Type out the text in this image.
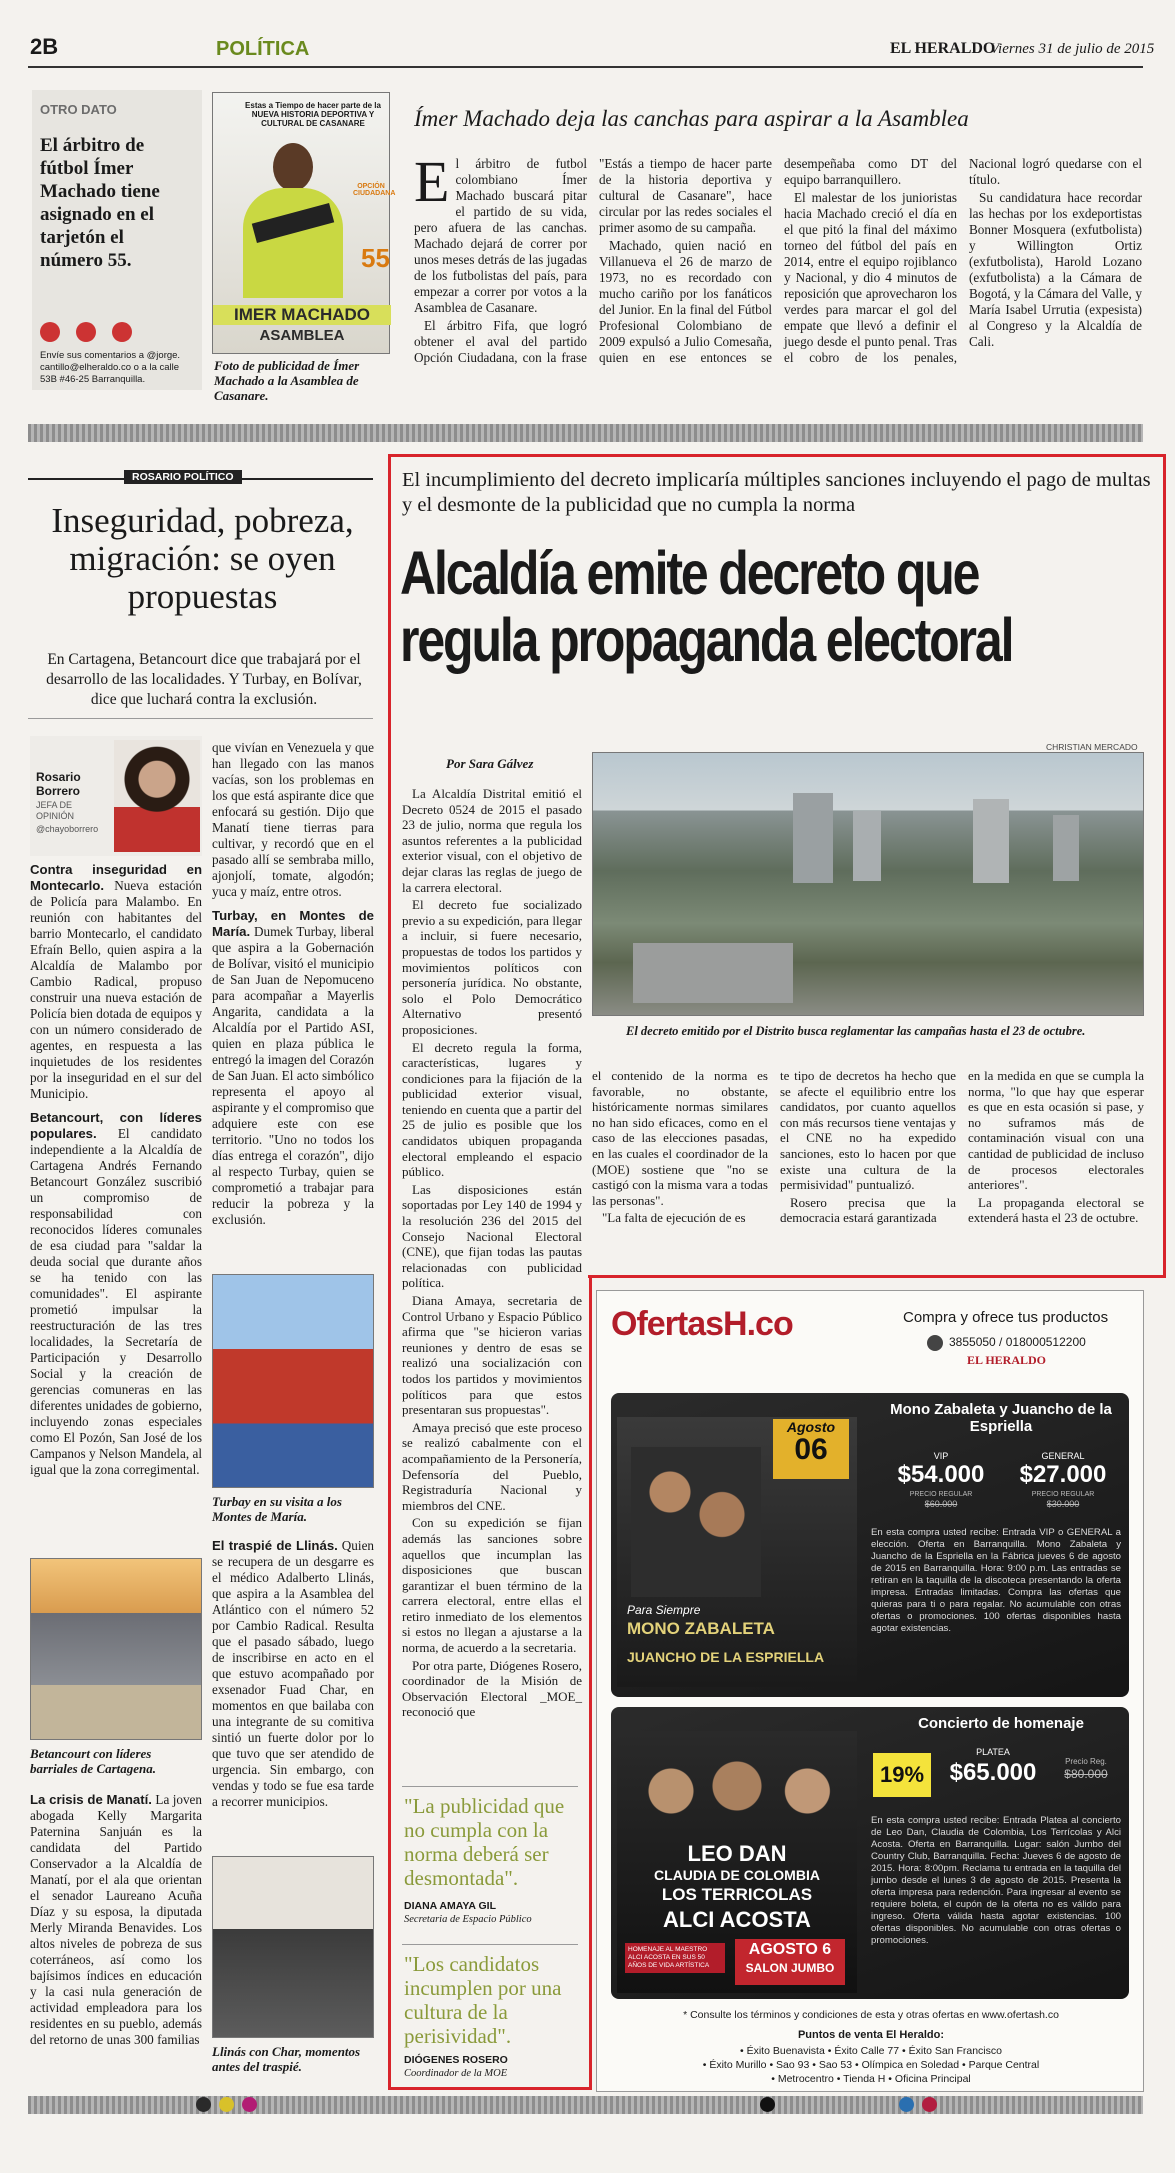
2B	POLÍTICA	EL HERALDO
Viernes 31 de julio de 2015
OTRO DATO
El árbitro de fútbol Ímer Machado tiene asignado en el tarjetón el número 55.

Envíe sus comentarios a @jorge. cantillo@elheraldo.co o a la calle 53B #46-25 Barranquilla.
Estas a Tiempo de hacer parte de la NUEVA HISTORIA DEPORTIVA Y CULTURAL DE CASANARE
OPCIÓN CIUDADANA
55
IMER MACHADO
ASAMBLEA
Foto de publicidad de Ímer Machado a la Asamblea de Casanare.
Ímer Machado deja las canchas para aspirar a la Asamblea

El árbitro de futbol colombiano Ímer Machado buscará pitar el partido de su vida, pero afuera de las canchas. Machado dejará de correr por unos meses detrás de las jugadas de los futbolistas del país, para empezar a correr por votos a la Asamblea de Casanare.

El árbitro Fifa, que logró obtener el aval del partido Opción Ciudadana, con la frase "Estás a tiempo de hacer parte de la historia deportiva y cultural de Casanare", hace circular por las redes sociales el primer asomo de su campaña.

Machado, quien nació en Villanueva el 26 de marzo de 1973, no es recordado con mucho cariño por los fanáticos del Junior. En la final del Fútbol Profesional Colombiano de 2009 expulsó a Julio Comesaña, quien en ese entonces se desempeñaba como DT del equipo barranquillero.

El malestar de los junioristas hacia Machado creció el día en el que pitó la final del máximo torneo del fútbol del país en 2014, entre el equipo rojiblanco y Nacional, y dio 4 minutos de reposición que aprovecharon los verdes para marcar el gol del empate que llevó a definir el juego desde el punto penal. Tras el cobro de los penales, Nacional logró quedarse con el título.

Su candidatura hace recordar las hechas por los exdeportistas Bonner Mosquera (exfutbolista) y Willington Ortiz (exfutbolista), Harold Lozano (exfutbolista) a la Cámara de Bogotá, y la Cámara del Valle, y María Isabel Urrutia (expesista) al Congreso y la Alcaldía de Cali.

ROSARIO POLÍTICO
Inseguridad, pobreza, migración: se oyen propuestas
En Cartagena, Betancourt dice que trabajará por el desarrollo de las localidades. Y Turbay, en Bolívar, dice que luchará contra la exclusión.
Rosario Borrero
JEFA DE OPINIÓN
@chayoborrero

Contra inseguridad en Montecarlo. Nueva estación de Policía para Malambo. En reunión con habitantes del barrio Montecarlo, el candidato Efraín Bello, quien aspira a la Alcaldía de Malambo por Cambio Radical, propuso construir una nueva estación de Policía bien dotada de equipos y con un número considerado de agentes, en respuesta a las inquietudes de los residentes por la inseguridad en el sur del Municipio.

Betancourt, con líderes populares. El candidato independiente a la Alcaldía de Cartagena Andrés Fernando Betancourt González suscribió un compromiso de responsabilidad con reconocidos líderes comunales de esa ciudad para "saldar la deuda social que durante años se ha tenido con las comunidades". El aspirante prometió impulsar la reestructuración de las tres localidades, la Secretaría de Participación y Desarrollo Social y la creación de gerencias comuneras en las diferentes unidades de gobierno, incluyendo zonas especiales como El Pozón, San José de los Campanos y Nelson Mandela, al igual que la zona corregimental.

Betancourt con líderes barriales de Cartagena.

La crisis de Manatí. La joven abogada Kelly Margarita Paternina Sanjuán es la candidata del Partido Conservador a la Alcaldía de Manatí, por el ala que orientan el senador Laureano Acuña Díaz y su esposa, la diputada Merly Miranda Benavides. Los altos niveles de pobreza de sus coterráneos, así como los bajísimos índices en educación y la casi nula generación de actividad empleadora para los residentes en su pueblo, además del retorno de unas 300 familias

que vivían en Venezuela y que han llegado con las manos vacías, son los problemas en los que está aspirante dice que enfocará su gestión. Dijo que Manatí tiene tierras para cultivar, y recordó que en el pasado allí se sembraba millo, ajonjolí, tomate, algodón; yuca y maíz, entre otros.

Turbay, en Montes de María. Dumek Turbay, liberal que aspira a la Gobernación de Bolívar, visitó el municipio de San Juan de Nepomuceno para acompañar a Mayerlis Angarita, candidata a la Alcaldía por el Partido ASI, quien en plaza pública le entregó la imagen del Corazón de San Juan. El acto simbólico representa el apoyo al aspirante y el compromiso que adquiere este con ese territorio. "Uno no todos los días entrega el corazón", dijo al respecto Turbay, quien se comprometió a trabajar para reducir la pobreza y la exclusión.

Turbay en su visita a los Montes de María.

El traspié de Llinás. Quien se recupera de un desgarre es el médico Adalberto Llinás, que aspira a la Asamblea del Atlántico con el número 52 por Cambio Radical. Resulta que el pasado sábado, luego de inscribirse en acto en el que estuvo acompañado por exsenador Fuad Char, en momentos en que bailaba con una integrante de su comitiva sintió un fuerte dolor por lo que tuvo que ser atendido de urgencia. Sin embargo, con vendas y todo se fue esa tarde a recorrer municipios.

Llinás con Char, momentos antes del traspié.
El incumplimiento del decreto implicaría múltiples sanciones incluyendo el pago de multas y el desmonte de la publicidad que no cumpla la norma
Alcaldía emite decreto que regula propaganda electoral
Por Sara Gálvez
CHRISTIAN MERCADO
El decreto emitido por el Distrito busca reglamentar las campañas hasta el 23 de octubre.

La Alcaldía Distrital emitió el Decreto 0524 de 2015 el pasado 23 de julio, norma que regula los asuntos referentes a la publicidad exterior visual, con el objetivo de dejar claras las reglas de juego de la carrera electoral.

El decreto fue socializado previo a su expedición, para llegar a incluir, si fuere necesario, propuestas de todos los partidos y movimientos políticos con personería jurídica. No obstante, solo el Polo Democrático Alternativo presentó proposiciones.

El decreto regula la forma, características, lugares y condiciones para la fijación de la publicidad exterior visual, teniendo en cuenta que a partir del 25 de julio es posible que los candidatos ubiquen propaganda electoral empleando el espacio público.

Las disposiciones están soportadas por Ley 140 de 1994 y la resolución 236 del 2015 del Consejo Nacional Electoral (CNE), que fijan todas las pautas relacionadas con publicidad política.

Diana Amaya, secretaria de Control Urbano y Espacio Público afirma que "se hicieron varias reuniones y dentro de esas se realizó una socialización con todos los partidos y movimientos políticos para que estos presentaran sus propuestas".

Amaya precisó que este proceso se realizó cabalmente con el acompañamiento de la Personería, Defensoría del Pueblo, Registraduría Nacional y miembros del CNE.

Con su expedición se fijan además las sanciones sobre aquellos que incumplan las disposiciones que buscan garantizar el buen término de la carrera electoral, entre ellas el retiro inmediato de los elementos si estos no llegan a ajustarse a la norma, de acuerdo a la secretaria.

Por otra parte, Diógenes Rosero, coordinador de la Misión de Observación Electoral _MOE_ reconoció que

"La publicidad que no cumpla con la norma deberá ser desmontada".
DIANA AMAYA GIL
Secretaria de Espacio Público
"Los candidatos incumplen por una cultura de la perisividad".
DIÓGENES ROSERO
Coordinador de la MOE

el contenido de la norma es favorable, no obstante, históricamente normas similares no han sido eficaces, como en el caso de las elecciones pasadas, en las cuales el coordinador de la (MOE) sostiene que "no se castigó con la misma vara a todas las personas".

"La falta de ejecución de es

te tipo de decretos ha hecho que se afecte el equilibrio entre los candidatos, por cuanto aquellos con más recursos tiene ventajas y el CNE no ha expedido sanciones, esto lo hacen por que existe una cultura de la permisividad" puntualizó.

Rosero precisa que la democracia estará garantizada

en la medida en que se cumpla la norma, "lo que hay que esperar es que en esta ocasión si pase, y no suframos más de contaminación visual con una cantidad de publicidad de incluso de procesos electorales anteriores".

La propaganda electoral se extenderá hasta el 23 de octubre.

OfertasH.co	Compra y ofrece tus productos
3855050 / 018000512200
EL HERALDO
Mono Zabaleta y Juancho de la Espriella
Agosto
06
Para Siempre
MONO ZABALETA
JUANCHO DE LA ESPRIELLA
VIP
$54.000
PRECIO REGULAR
$60.000
GENERAL
$27.000
PRECIO REGULAR
$30.000
En esta compra usted recibe: Entrada VIP o GENERAL a elección. Oferta en Barranquilla. Mono Zabaleta y Juancho de la Espriella en la Fábrica jueves 6 de agosto de 2015 en Barranquilla. Hora: 9:00 p.m. Las entradas se retiran en la taquilla de la discoteca presentando la oferta impresa. Entradas limitadas. Compra las ofertas que quieras para ti o para regalar. No acumulable con otras ofertas o promociones. 100 ofertas disponibles hasta agotar existencias.
Concierto de homenaje
LEO DAN
CLAUDIA DE COLOMBIA
LOS TERRICOLAS
ALCI ACOSTA
HOMENAJE AL MAESTRO ALCI ACOSTA EN SUS 50 AÑOS DE VIDA ARTÍSTICA
AGOSTO 6
SALON JUMBO
19%
PLATEA
$65.000	Precio Reg.
$80.000
En esta compra usted recibe: Entrada Platea al concierto de Leo Dan, Claudia de Colombia, Los Terrícolas y Alci Acosta. Oferta en Barranquilla. Lugar: salón Jumbo del Country Club, Barranquilla. Fecha: Jueves 6 de agosto de 2015. Hora: 8:00pm. Reclama tu entrada en la taquilla del jumbo desde el lunes 3 de agosto de 2015. Presenta la oferta impresa para redención. Para ingresar al evento se requiere boleta, el cupón de la oferta no es válido para ingreso. Oferta válida hasta agotar existencias. 100 ofertas disponibles. No acumulable con otras ofertas o promociones.
* Consulte los términos y condiciones de esta y otras ofertas en www.ofertash.co
Puntos de venta El Heraldo:
• Éxito Buenavista • Éxito Calle 77 • Éxito San Francisco
• Éxito Murillo • Sao 93 • Sao 53 • Olímpica en Soledad • Parque Central
• Metrocentro • Tienda H • Oficina Principal
